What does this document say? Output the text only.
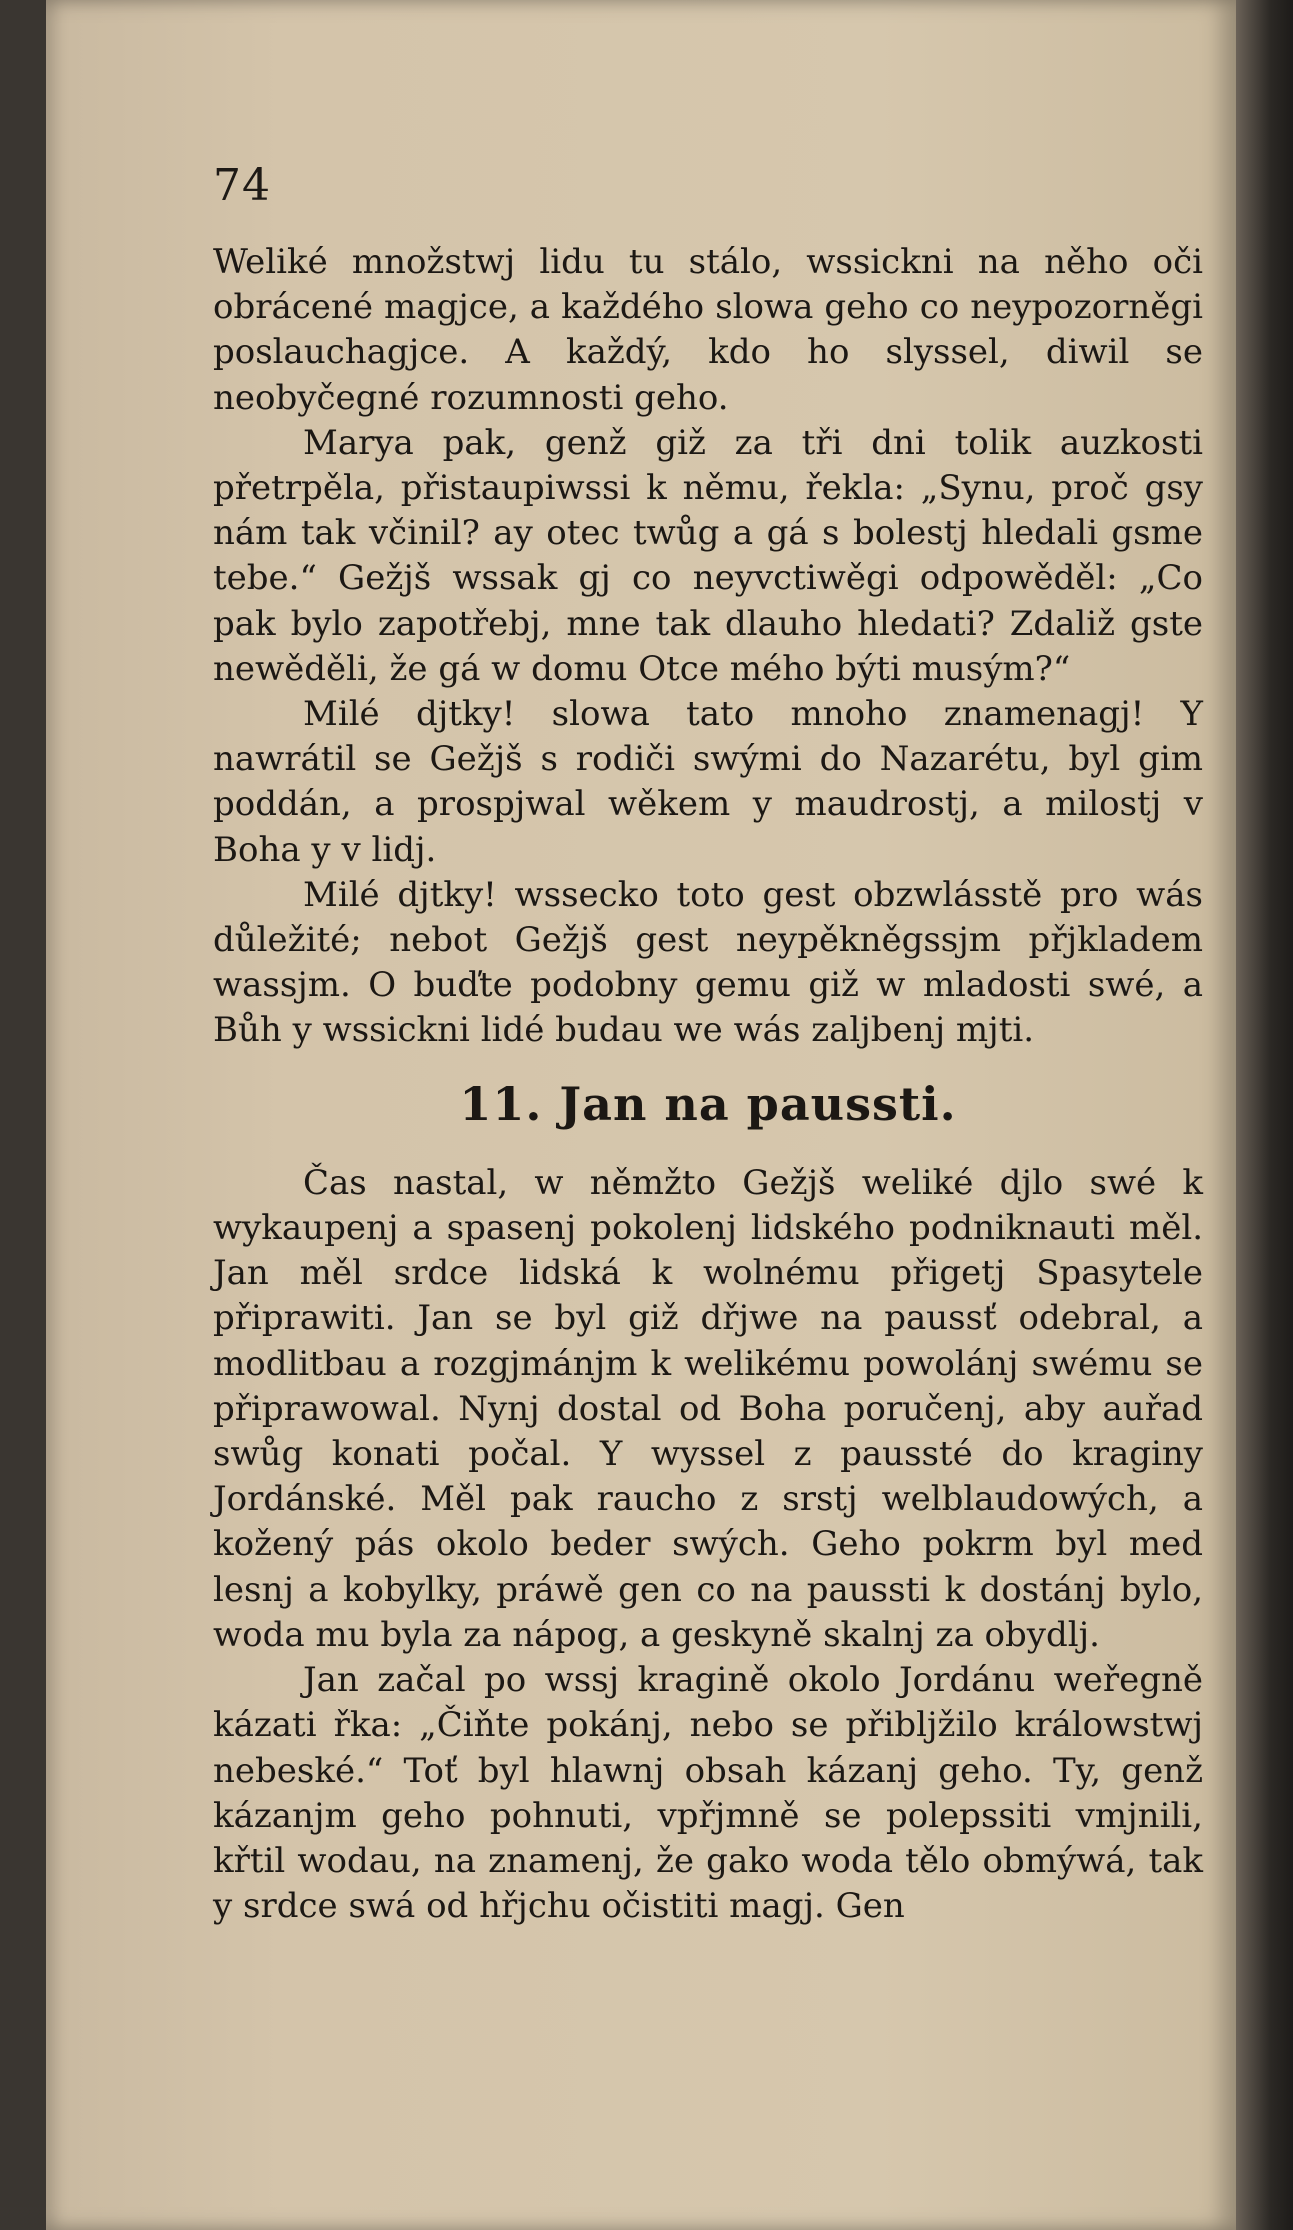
74

Weliké množstwj lidu tu stálo, wssickni na něho oči obrácené magjce, a každého slowa geho co neypozorněgi poslauchagjce. A každý, kdo ho slyssel, diwil se neobyčegné rozumnosti geho.

Marya pak, genž giž za tři dni tolik auzkosti přetrpěla, přistaupiwssi k němu, řekla: „Synu, proč gsy nám tak včinil? ay otec twůg a gá s bolestj hledali gsme tebe.“ Gežjš wssak gj co neyvctiwěgi odpowěděl: „Co pak bylo zapotřebj, mne tak dlauho hledati? Zdaliž gste newěděli, že gá w domu Otce mého býti musým?“

Milé djtky! slowa tato mnoho znamenagj! Y nawrátil se Gežjš s rodiči swými do Nazarétu, byl gim poddán, a prospjwal wěkem y maudrostj, a milostj v Boha y v lidj.

Milé djtky! wssecko toto gest obzwlásstě pro wás důležité; nebot Gežjš gest neypěkněgssjm přjkladem wassjm. O buďte podobny gemu giž w mladosti swé, a Bůh y wssickni lidé budau we wás zaljbenj mjti.

11. Jan na paussti.

Čas nastal, w němžto Gežjš weliké djlo swé k wykaupenj a spasenj pokolenj lidského podniknauti měl. Jan měl srdce lidská k wolnému přigetj Spasytele připrawiti. Jan se byl giž dřjwe na paussť odebral, a modlitbau a rozgjmánjm k welikému powolánj swému se připrawowal. Nynj dostal od Boha poručenj, aby auřad swůg konati počal. Y wyssel z paussté do kraginy Jordánské. Měl pak raucho z srstj welblaudowých, a kožený pás okolo beder swých. Geho pokrm byl med lesnj a kobylky, práwě gen co na paussti k dostánj bylo, woda mu byla za nápog, a geskyně skalnj za obydlj.

Jan začal po wssj kragině okolo Jordánu weřegně kázati řka: „Čiňte pokánj, nebo se přibljžilo králowstwj nebeské.“ Toť byl hlawnj obsah kázanj geho. Ty, genž kázanjm geho pohnuti, vpřjmně se polepssiti vmjnili, křtil wodau, na znamenj, že gako woda tělo obmýwá, tak y srdce swá od hřjchu očistiti magj. Gen
